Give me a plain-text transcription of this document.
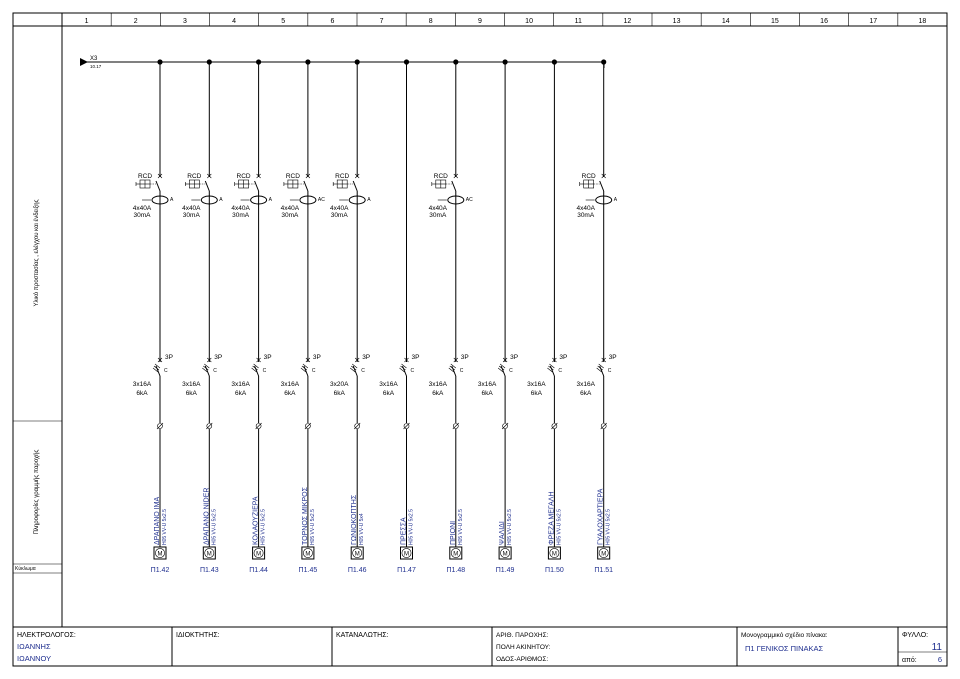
1	2	3	4	5	6	7	8	9	10	11	12	13	14	15	16	17	18
Υλικό προστασίας , ελέγχου και ένδειξης
Πληροφορίες γραμμής παροχής
Κύκλωμα
X3
10.17
RCD
A
4x40A
30mA
3P
C
3x16A
6kA
M
ΔΡΑΠΑΝΟ IMA H05 VV-U 5x2.5
Π1.42
RCD
A
4x40A
30mA
3P
C
3x16A
6kA
M
ΔΡΑΠΑΝΟ NIDER H05 VV-U 5x2.5
Π1.43
RCD
A
4x40A
30mA
3P
C
3x16A
6kA
M
ΚΟΛΑΟΥΖΙΕΡΑ H05 VV-U 5x2.5
Π1.44
RCD
AC
4x40A
30mA
3P
C
3x16A
6kA
M
ΤΟΡΝΟΣ ΜΙΚΡΟΣ H05 VV-U 5x2.5
Π1.45
RCD
A
4x40A
30mA
3P
C
3x20A
6kA
M
ΓΩΝΙΟΚΟΠΤΗΣ H05 VV-U 5x4
Π1.46
3P
C
3x16A
6kA
M
ΠΡΕΣΣΑ H05 VV-U 5x2.5
Π1.47
RCD
AC
4x40A
30mA
3P
C
3x16A
6kA
M
ΠΡΙΟΝΙ H05 VV-U 5x2.5
Π1.48
3P
C
3x16A
6kA
M
ΨΑΛΙΔΙ H05 VV-U 5x2.5
Π1.49
3P
C
3x16A
6kA
M
ΦΡΕΖΑ ΜΕΓΑΛΗ H05 VV-U 5x2.5
Π1.50
RCD
A
4x40A
30mA
3P
C
3x16A
6kA
M
ΓΥΑΛΟΧΑΡΤΙΕΡΑ H05 VV-U 5x2.5
Π1.51
ΗΛΕΚΤΡΟΛΟΓΟΣ:
ΙΩΑΝΝΗΣ
ΙΩΑΝΝΟΥ
ΙΔΙΟΚΤΗΤΗΣ:	ΚΑΤΑΝΑΛΩΤΗΣ:	ΑΡΙΘ. ΠΑΡΟΧΗΣ:
ΠΟΛΗ ΑΚΙΝΗΤΟΥ:
ΟΔΟΣ-ΑΡΙΘΜΟΣ:
Μονογραμμικό σχέδιο πίνακα:
Π1 ΓΕΝΙΚΟΣ ΠΙΝΑΚΑΣ
ΦΥΛΛΟ:
11
από:	6
